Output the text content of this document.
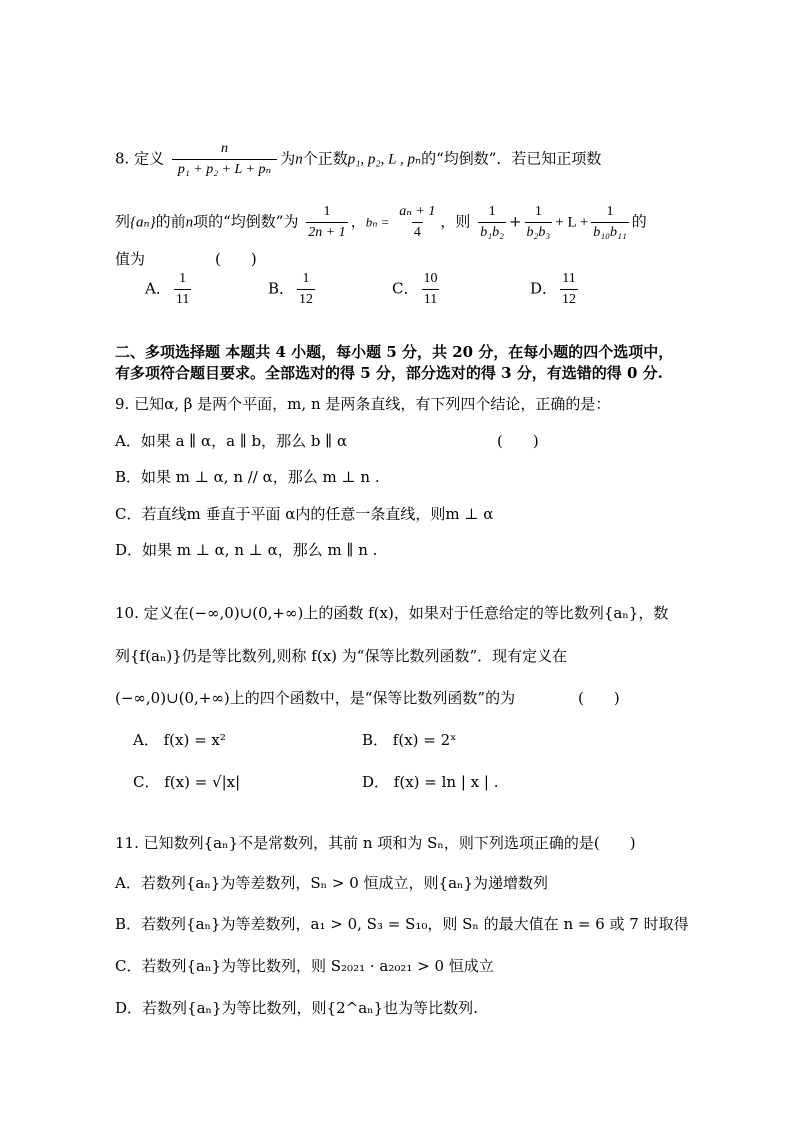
8. 定义 $\frac{n}{\text{p₁ + p₂ + L + pₙ}}$ 为n个正数p₁, p₂, L , pₙ的“均倒数”．若已知正项数
列{aₙ}的前n项的“均倒数”为 $\frac{1}{2n + 1}$ ，$b_n = \frac{\text{aₙ + 1}}{4}$ ，则 $\frac{1}{\text{b₁b₂}} + \frac{1}{\text{b₂b₃}} + L + \frac{1}{\text{b₁₀b₁₁}}$ 的
值为	(　　)
A． $\frac{1}{11}$	B． $\frac{1}{12}$	C． $\frac{10}{11}$	D． $\frac{11}{12}$
二、多项选择题 本题共 4 小题，每小题 5 分，共 20 分，在每小题的四个选项中，
有多项符合题目要求。全部选对的得 5 分，部分选对的得 3 分，有选错的得 0 分.
9. 已知α, β 是两个平面，m, n 是两条直线，有下列四个结论，正确的是：
A．如果 a ∥ α，a ∥ b，那么 b ∥ α	(　　)
B．如果 m ⊥ α, n // α，那么 m ⊥ n .
C．若直线m 垂直于平面 α内的任意一条直线，则m ⊥ α
D．如果 m ⊥ α, n ⊥ α，那么 m ∥ n .
10. 定义在(−∞,0)∪(0,+∞)上的函数 f(x)，如果对于任意给定的等比数列{aₙ}，数
列{f(aₙ)}仍是等比数列,则称 f(x) 为“保等比数列函数”．现有定义在
(−∞,0)∪(0,+∞)上的四个函数中，是“保等比数列函数”的为	(　　)
A． f(x) = x²	B． f(x) = 2ˣ
C． f(x) = √|x|	D． f(x) = ln | x | .
11. 已知数列{aₙ}不是常数列，其前 n 项和为 Sₙ，则下列选项正确的是(　　)
A．若数列{aₙ}为等差数列，Sₙ > 0 恒成立，则{aₙ}为递增数列
B．若数列{aₙ}为等差数列，a₁ > 0, S₃ = S₁₀，则 Sₙ 的最大值在 n = 6 或 7 时取得
C．若数列{aₙ}为等比数列，则 S₂₀₂₁ · a₂₀₂₁ > 0 恒成立
D．若数列{aₙ}为等比数列，则{2^aₙ}也为等比数列.
